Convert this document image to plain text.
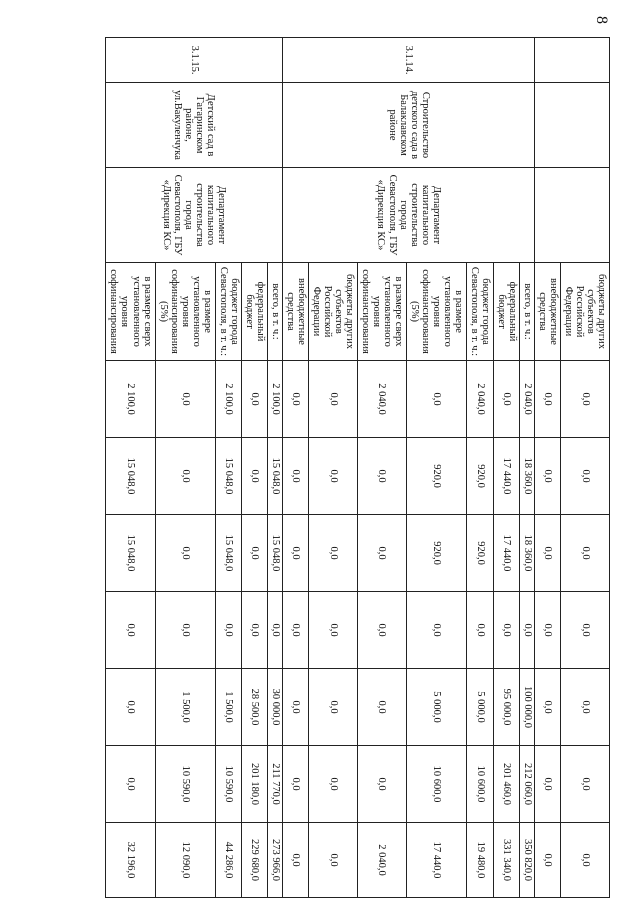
8
			бюджеты других субъектов Российской Федерации	0,0	0,0	0,0	0,0	0,0	0,0	0,0
			внебюджетные средства	0,0	0,0	0,0	0,0	0,0	0,0	0,0
3.1.14.	Строительство детского сада в Балаклавском районе	Департамент капитального строительства города Севастополя, ГБУ «Дирекция КС»	всего, в т. ч.:	2 040,0	18 360,0	18 360,0	0,0	100 000,0	212 060,0	350 820,0
			федеральный бюджет	0,0	17 440,0	17 440,0	0,0	95 000,0	201 460,0	331 340,0
			бюджет города Севастополя, в т. ч.:	2 040,0	920,0	920,0	0,0	5 000,0	10 600,0	19 480,0
			в размере установленного уровня софинансирования (5%)	0,0	920,0	920,0	0,0	5 000,0	10 600,0	17 440,0
			в размере сверх установленного уровня софинансирования	2 040,0	0,0	0,0	0,0	0,0	0,0	2 040,0
			бюджеты других субъектов Российской Федерации	0,0	0,0	0,0	0,0	0,0	0,0	0,0
			внебюджетные средства	0,0	0,0	0,0	0,0	0,0	0,0	0,0
3.1.15.	Детский сад в Гагаринском районе, ул.Вакуленчука	Департамент капитального строительства города Севастополя, ГБУ «Дирекция КС»	всего, в т. ч.:	2 100,0	15 048,0	15 048,0	0,0	30 000,0	211 770,0	273 966,0
			федеральный бюджет	0,0	0,0	0,0	0,0	28 500,0	201 180,0	229 680,0
			бюджет города Севастополя, в т. ч.:	2 100,0	15 048,0	15 048,0	0,0	1 500,0	10 590,0	44 286,0
			в размере установленного уровня софинансирования (5%)	0,0	0,0	0,0	0,0	1 500,0	10 590,0	12 090,0
			в размере сверх установленного уровня софинансирования	2 100,0	15 048,0	15 048,0	0,0	0,0	0,0	32 196,0
